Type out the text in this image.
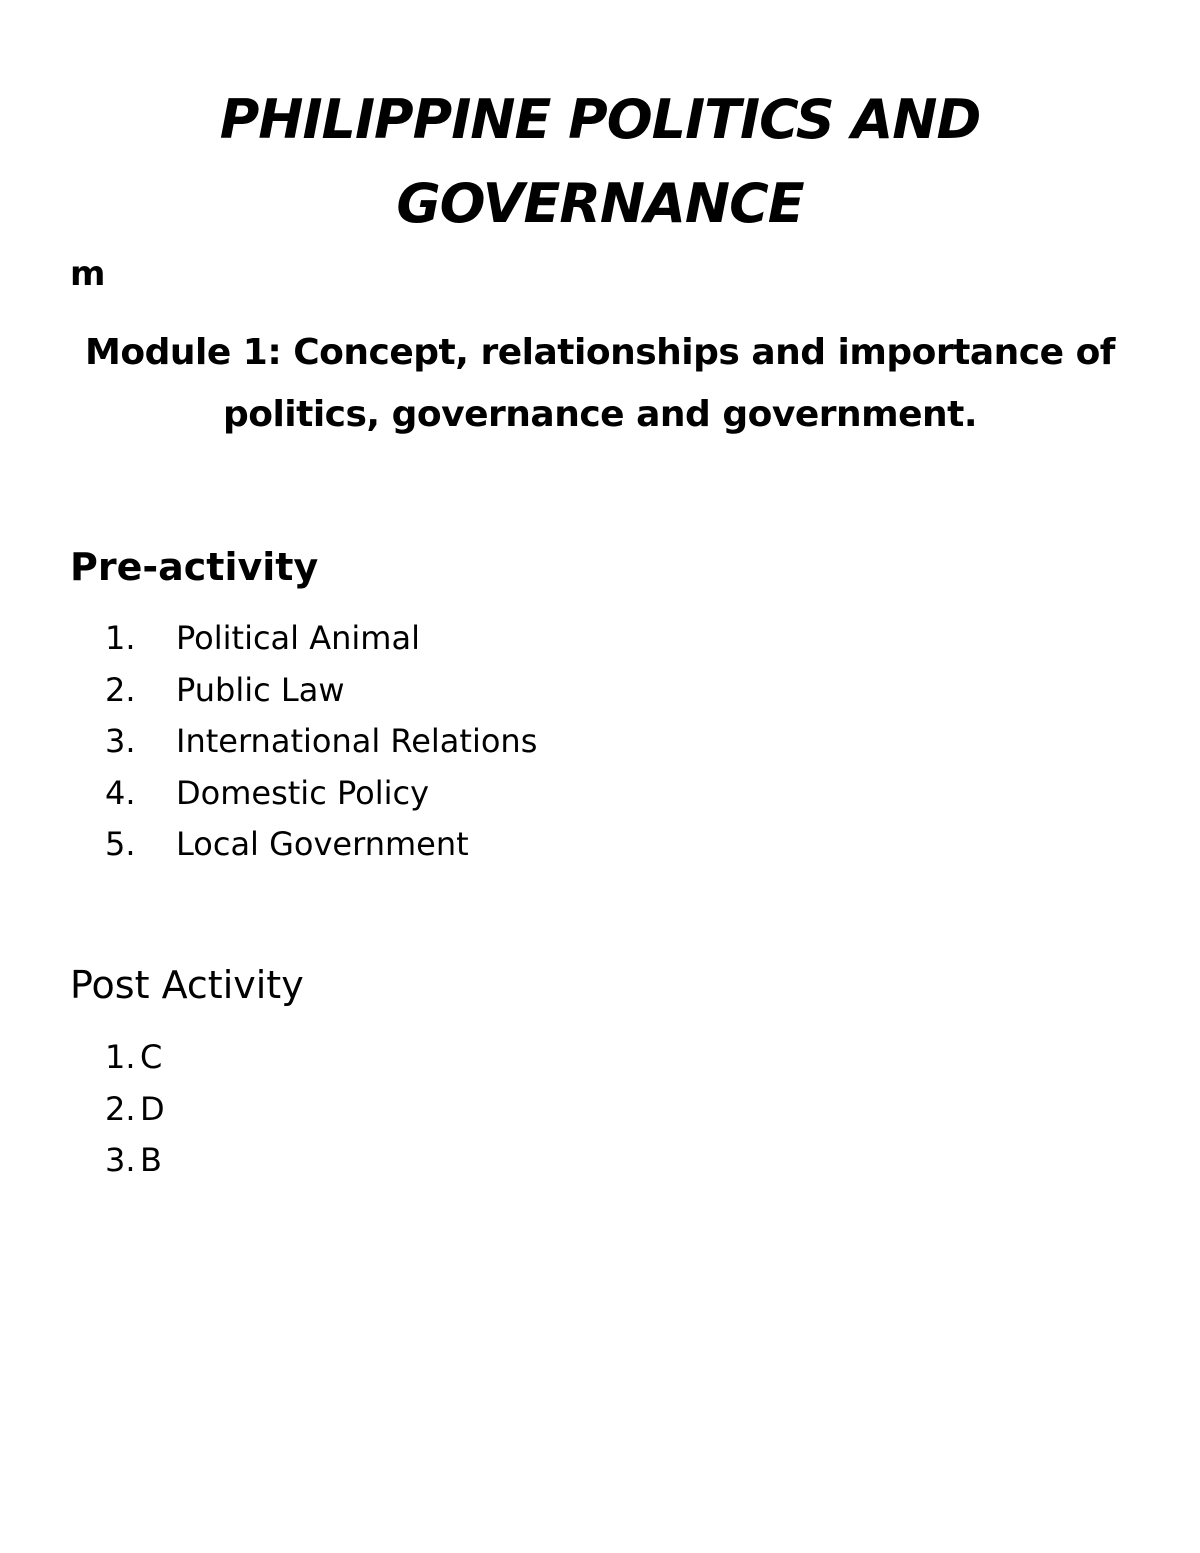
PHILIPPINE POLITICS AND GOVERNANCE

m

Module 1: Concept, relationships and importance of politics, governance and government.
Pre-activity
1.	Political Animal
2.	Public Law
3.	International Relations
4.	Domestic Policy
5.	Local Government
Post Activity
1. C
2. D
3. B
